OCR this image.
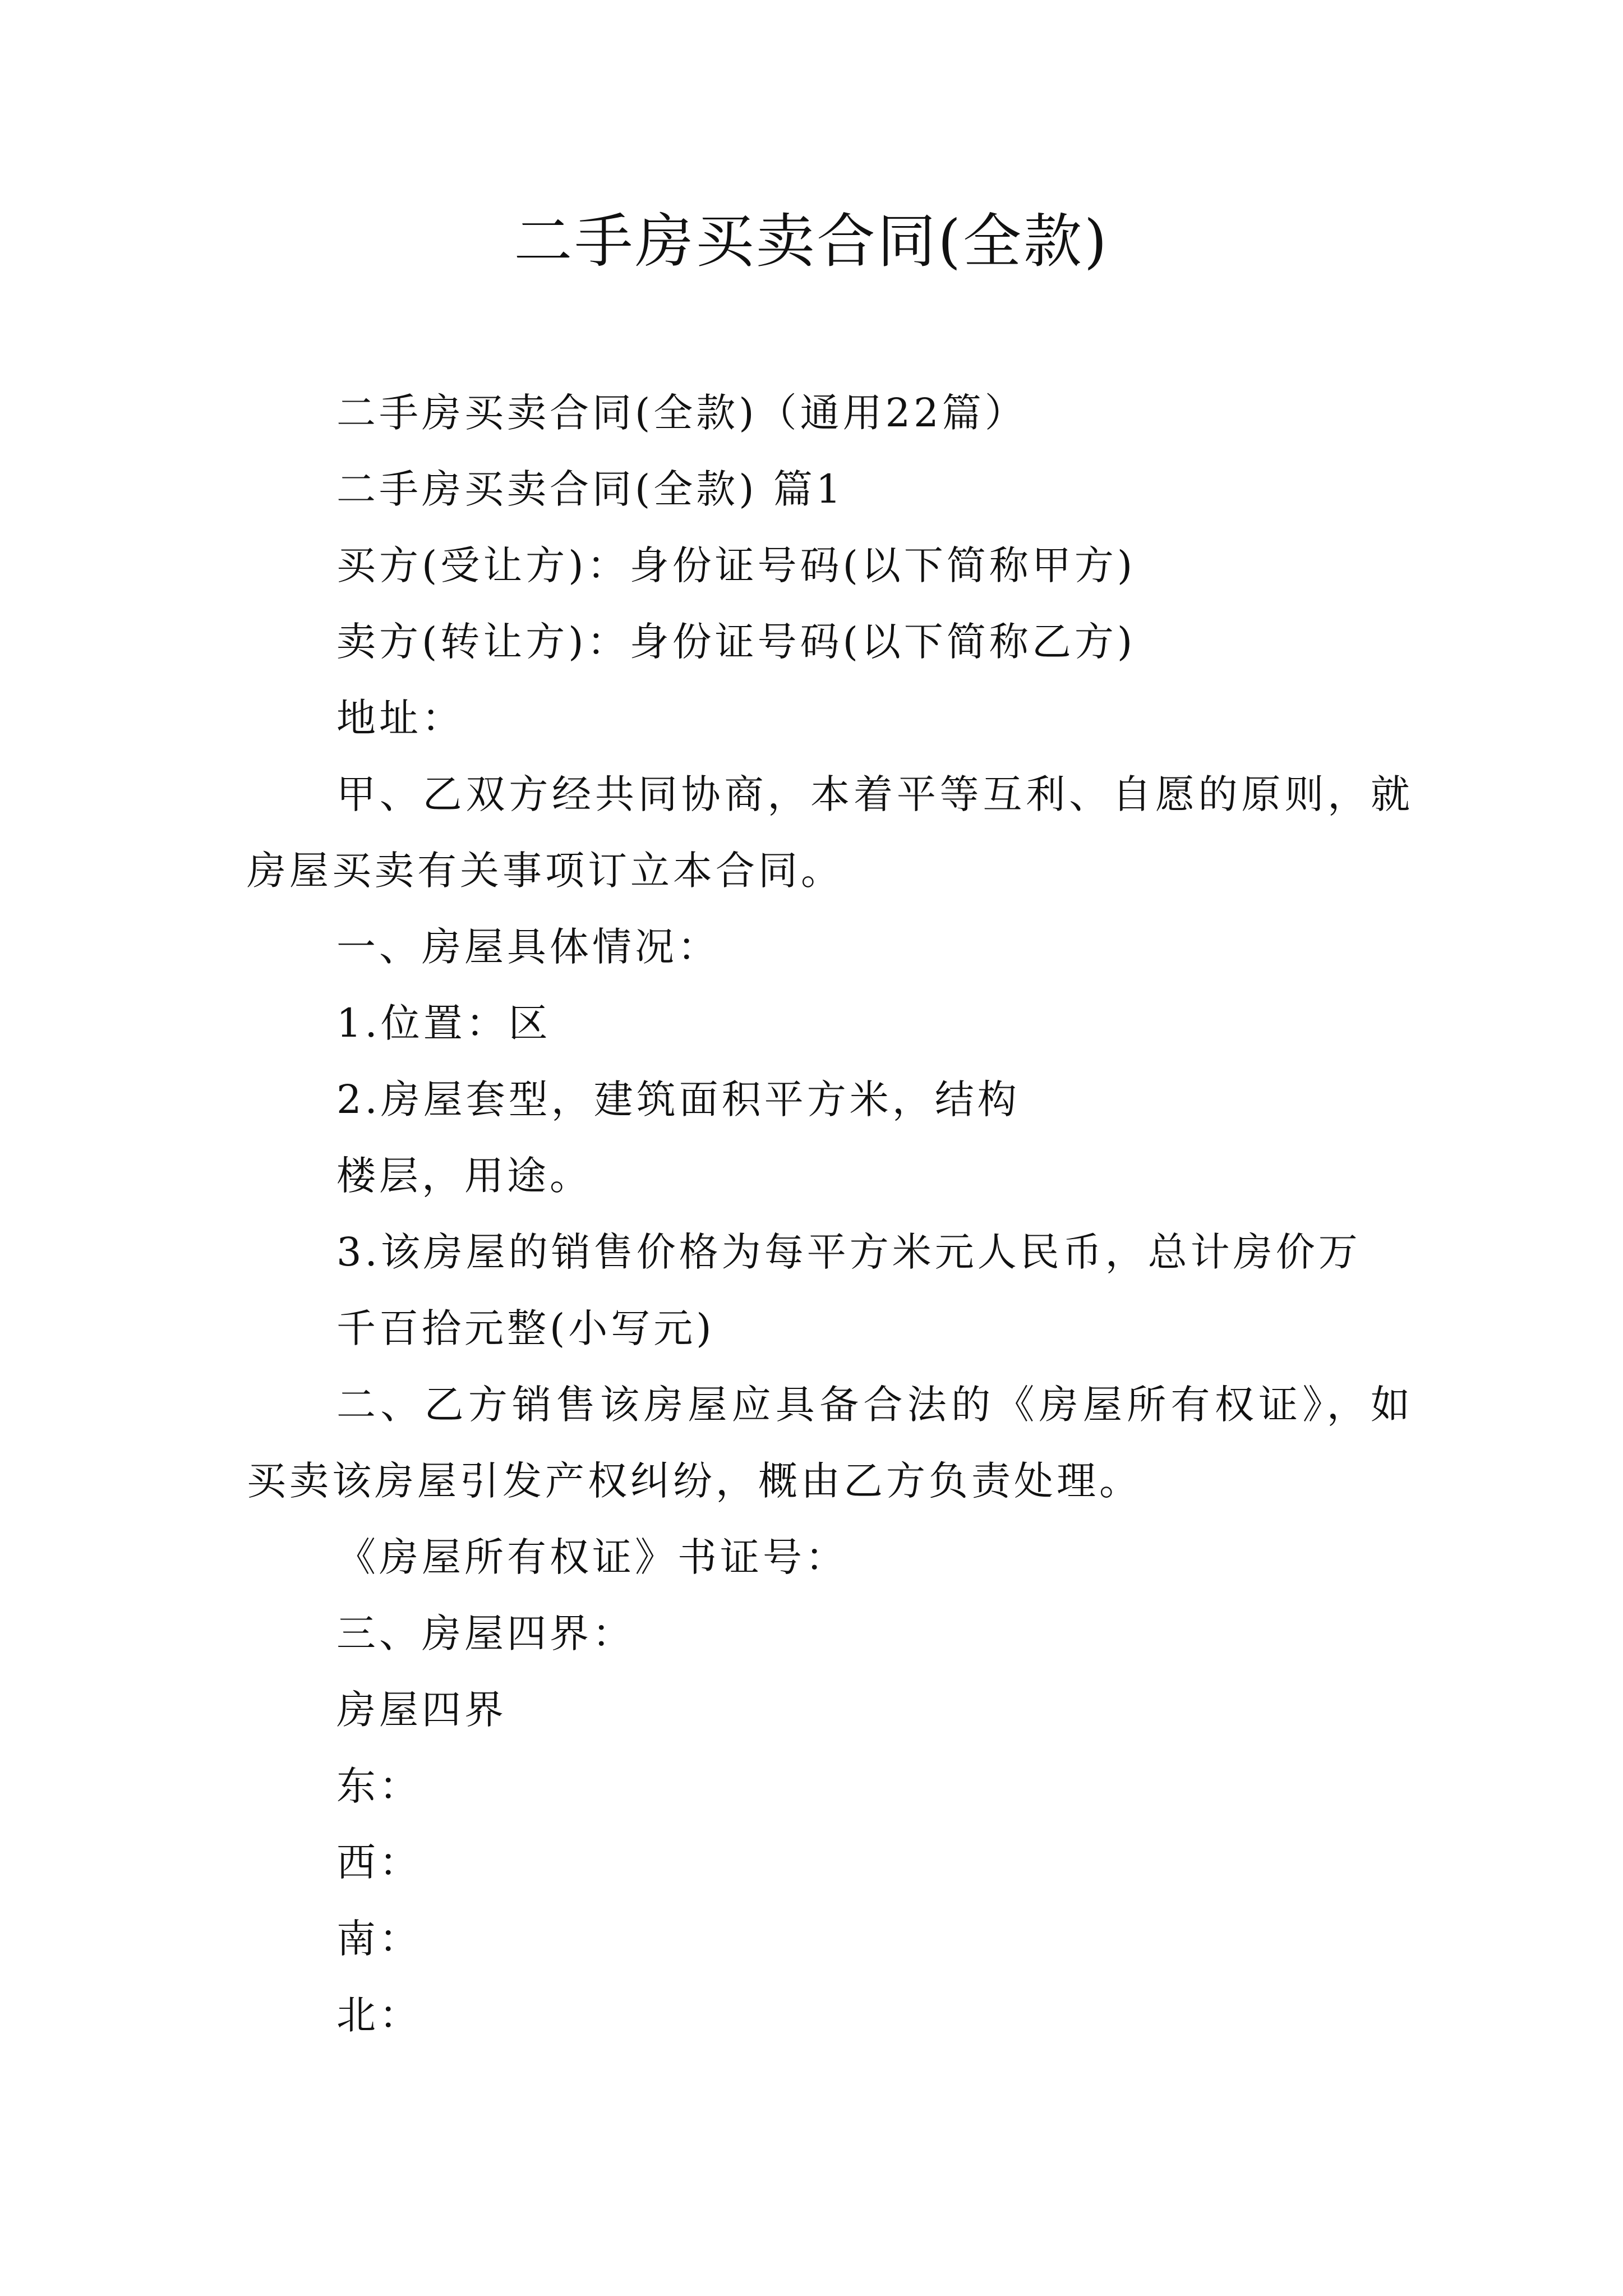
二手房买卖合同(全款)
二手房买卖合同(全款)（通用22篇）
二手房买卖合同(全款) 篇1
买方(受让方)：身份证号码(以下简称甲方)
卖方(转让方)：身份证号码(以下简称乙方)
地址：
甲、乙双方经共同协商，本着平等互利、自愿的原则，就房屋买卖有关事项订立本合同。
一、房屋具体情况：
1.位置：区
2.房屋套型，建筑面积平方米，结构
楼层，用途。
3.该房屋的销售价格为每平方米元人民币，总计房价万
千百拾元整(小写元)
二、乙方销售该房屋应具备合法的《房屋所有权证》，如买卖该房屋引发产权纠纷，概由乙方负责处理。
《房屋所有权证》书证号：
三、房屋四界：
房屋四界
东：
西：
南：
北：
